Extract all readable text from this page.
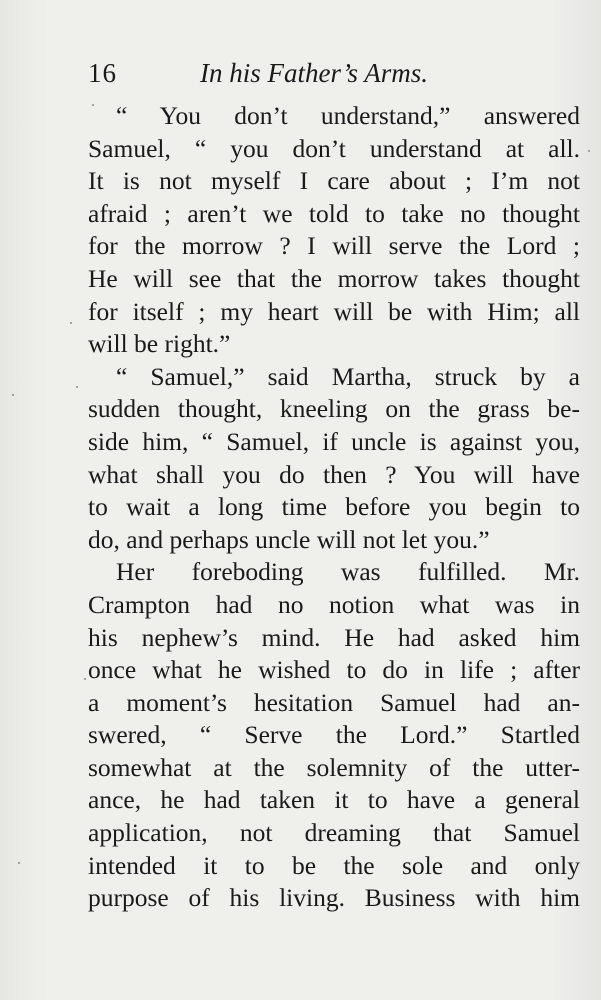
16	In his Father’s Arms.
“ You don’t understand,” answered
Samuel, “ you don’t understand at all.
It is not myself I care about ; I’m not
afraid ; aren’t we told to take no thought
for the morrow ? I will serve the Lord ;
He will see that the morrow takes thought
for itself ; my heart will be with Him; all
will be right.”
“ Samuel,” said Martha, struck by a
sudden thought, kneeling on the grass be-
side him, “ Samuel, if uncle is against you,
what shall you do then ? You will have
to wait a long time before you begin to
do, and perhaps uncle will not let you.”
Her foreboding was fulfilled. Mr.
Crampton had no notion what was in
his nephew’s mind. He had asked him
once what he wished to do in life ; after
a moment’s hesitation Samuel had an-
swered, “ Serve the Lord.” Startled
somewhat at the solemnity of the utter-
ance, he had taken it to have a general
application, not dreaming that Samuel
intended it to be the sole and only
purpose of his living. Business with him
